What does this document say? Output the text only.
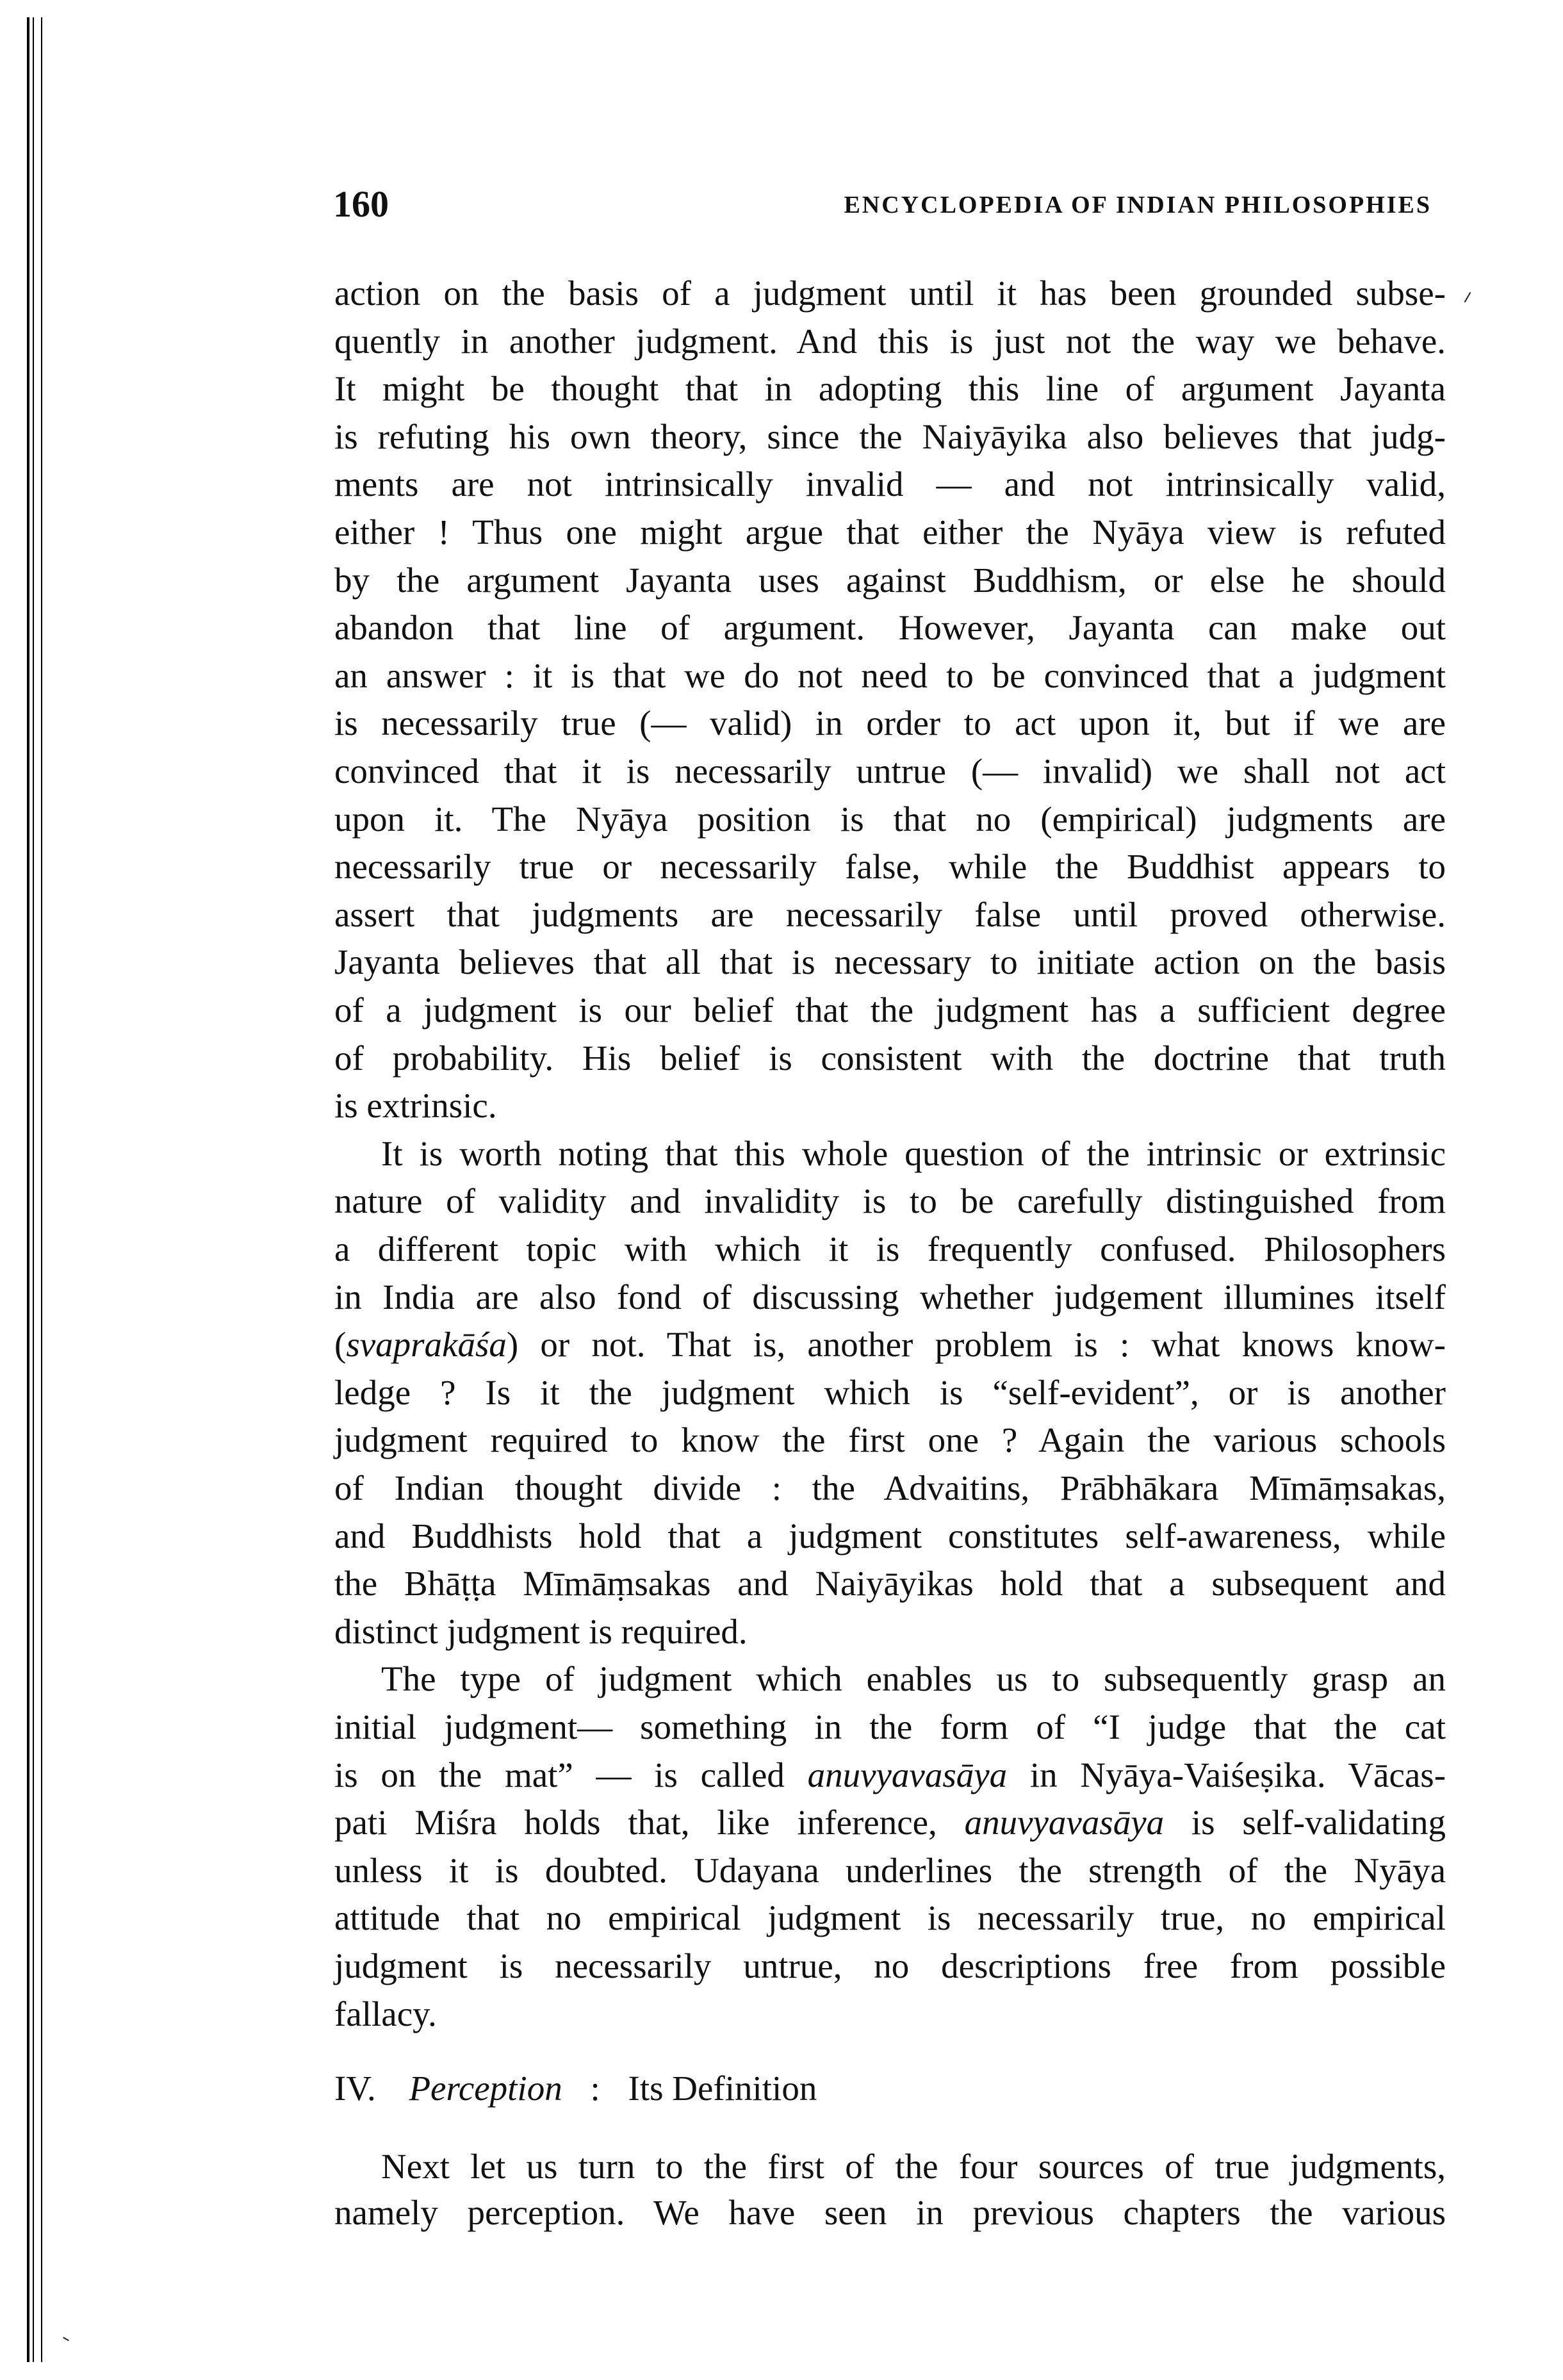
160	ENCYCLOPEDIA OF INDIAN PHILOSOPHIES
action on the basis of a judgment until it has been grounded subse-
quently in another judgment. And this is just not the way we behave.
It might be thought that in adopting this line of argument Jayanta
is refuting his own theory, since the Naiyāyika also believes that judg-
ments are not intrinsically invalid — and not intrinsically valid,
either ! Thus one might argue that either the Nyāya view is refuted
by the argument Jayanta uses against Buddhism, or else he should
abandon that line of argument. However, Jayanta can make out
an answer : it is that we do not need to be convinced that a judgment
is necessarily true (— valid) in order to act upon it, but if we are
convinced that it is necessarily untrue (— invalid) we shall not act
upon it. The Nyāya position is that no (empirical) judgments are
necessarily true or necessarily false, while the Buddhist appears to
assert that judgments are necessarily false until proved otherwise.
Jayanta believes that all that is necessary to initiate action on the basis
of a judgment is our belief that the judgment has a sufficient degree
of probability. His belief is consistent with the doctrine that truth
is extrinsic.
It is worth noting that this whole question of the intrinsic or extrinsic
nature of validity and invalidity is to be carefully distinguished from
a different topic with which it is frequently confused. Philosophers
in India are also fond of discussing whether judgement illumines itself
(svaprakāśa) or not. That is, another problem is : what knows know-
ledge ? Is it the judgment which is “self-evident”, or is another
judgment required to know the first one ? Again the various schools
of Indian thought divide : the Advaitins, Prābhākara Mīmāṃsakas,
and Buddhists hold that a judgment constitutes self-awareness, while
the Bhāṭṭa Mīmāṃsakas and Naiyāyikas hold that a subsequent and
distinct judgment is required.
The type of judgment which enables us to subsequently grasp an
initial judgment— something in the form of “I judge that the cat
is on the mat” — is called anuvyavasāya in Nyāya-Vaiśeṣika. Vācas-
pati Miśra holds that, like inference, anuvyavasāya is self-validating
unless it is doubted. Udayana underlines the strength of the Nyāya
attitude that no empirical judgment is necessarily true, no empirical
judgment is necessarily untrue, no descriptions free from possible
fallacy.
IV. Perception : Its Definition
Next let us turn to the first of the four sources of true judgments,
namely perception. We have seen in previous chapters the various
